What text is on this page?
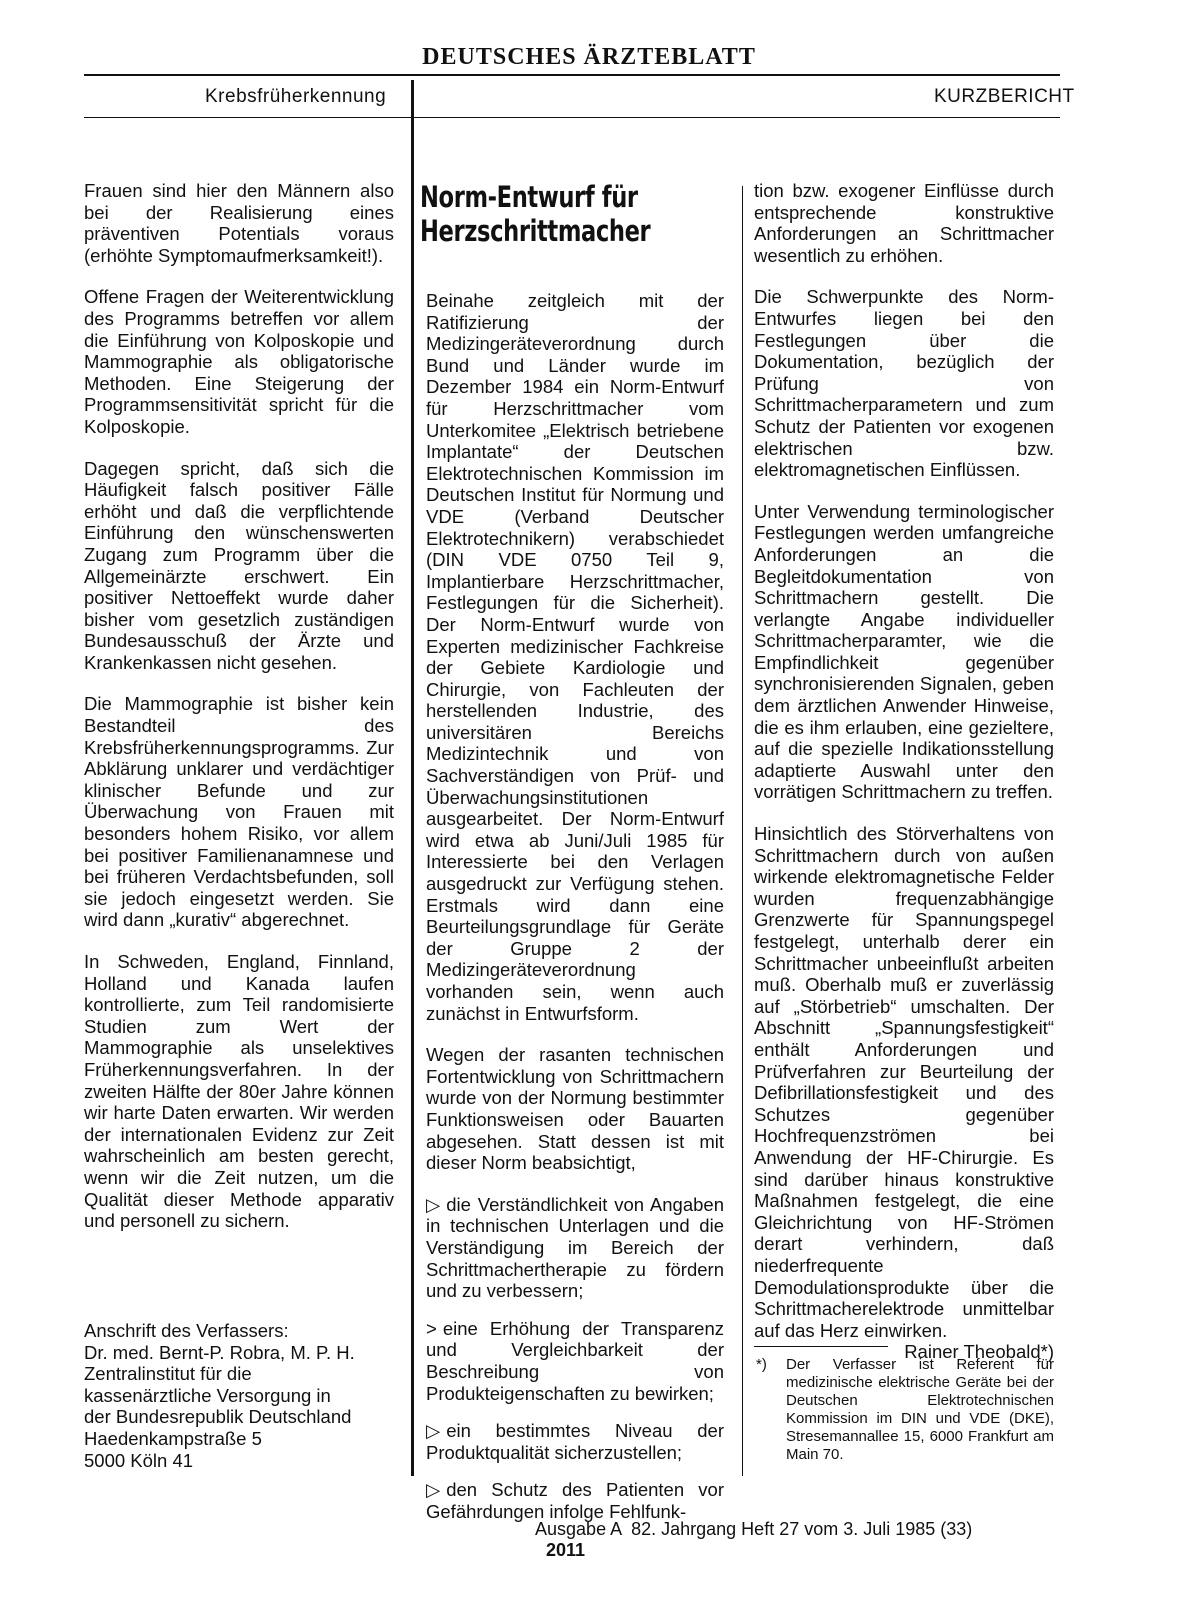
DEUTSCHES ÄRZTEBLATT
Krebsfrüherkennung	KURZBERICHT

Frauen sind hier den Männern also bei der Realisierung eines präventiven Potentials voraus (erhöhte Symptomaufmerksamkeit!).

Offene Fragen der Weiterentwicklung des Programms betreffen vor allem die Einführung von Kolposkopie und Mammographie als obligatorische Methoden. Eine Steigerung der Programmsensitivität spricht für die Kolposkopie.

Dagegen spricht, daß sich die Häufigkeit falsch positiver Fälle erhöht und daß die verpflichtende Einführung den wünschenswerten Zugang zum Programm über die Allgemeinärzte erschwert. Ein positiver Nettoeffekt wurde daher bisher vom gesetzlich zuständigen Bundesausschuß der Ärzte und Krankenkassen nicht gesehen.

Die Mammographie ist bisher kein Bestandteil des Krebsfrüherkennungsprogramms. Zur Abklärung unklarer und verdächtiger klinischer Befunde und zur Überwachung von Frauen mit besonders hohem Risiko, vor allem bei positiver Familienanamnese und bei früheren Verdachtsbefunden, soll sie jedoch eingesetzt werden. Sie wird dann „kurativ“ abgerechnet.

In Schweden, England, Finnland, Holland und Kanada laufen kontrollierte, zum Teil randomisierte Studien zum Wert der Mammographie als unselektives Früherkennungsverfahren. In der zweiten Hälfte der 80er Jahre können wir harte Daten erwarten. Wir werden der internationalen Evidenz zur Zeit wahrscheinlich am besten gerecht, wenn wir die Zeit nutzen, um die Qualität dieser Methode apparativ und personell zu sichern.

Anschrift des Verfassers:
Dr. med. Bernt-P. Robra, M. P. H.
Zentralinstitut für die
kassenärztliche Versorgung in
der Bundesrepublik Deutschland
Haedenkampstraße 5
5000 Köln 41
Norm-Entwurf für
Herzschrittmacher

Beinahe zeitgleich mit der Ratifizierung der Medizingeräteverordnung durch Bund und Länder wurde im Dezember 1984 ein Norm-Entwurf für Herzschrittmacher vom Unterkomitee „Elektrisch betriebene Implantate“ der Deutschen Elektrotechnischen Kommission im Deutschen Institut für Normung und VDE (Verband Deutscher Elektrotechnikern) verabschiedet (DIN VDE 0750 Teil 9, Implantierbare Herzschrittmacher, Festlegungen für die Sicherheit). Der Norm-Entwurf wurde von Experten medizinischer Fachkreise der Gebiete Kardiologie und Chirurgie, von Fachleuten der herstellenden Industrie, des universitären Bereichs Medizintechnik und von Sachverständigen von Prüf- und Überwachungsinstitutionen ausgearbeitet. Der Norm-Entwurf wird etwa ab Juni/Juli 1985 für Interessierte bei den Verlagen ausgedruckt zur Verfügung stehen. Erstmals wird dann eine Beurteilungsgrundlage für Geräte der Gruppe 2 der Medizingeräteverordnung vorhanden sein, wenn auch zunächst in Entwurfsform.

Wegen der rasanten technischen Fortentwicklung von Schrittmachern wurde von der Normung bestimmter Funktionsweisen oder Bauarten abgesehen. Statt dessen ist mit dieser Norm beabsichtigt,

▷ die Verständlichkeit von Angaben in technischen Unterlagen und die Verständigung im Bereich der Schrittmachertherapie zu fördern und zu verbessern;

> eine Erhöhung der Transparenz und Vergleichbarkeit der Beschreibung von Produkteigenschaften zu bewirken;

▷ ein bestimmtes Niveau der Produktqualität sicherzustellen;

▷ den Schutz des Patienten vor Gefährdungen infolge Fehlfunk-

tion bzw. exogener Einflüsse durch entsprechende konstruktive Anforderungen an Schrittmacher wesentlich zu erhöhen.

Die Schwerpunkte des Norm-Entwurfes liegen bei den Festlegungen über die Dokumentation, bezüglich der Prüfung von Schrittmacherparametern und zum Schutz der Patienten vor exogenen elektrischen bzw. elektromagnetischen Einflüssen.

Unter Verwendung terminologischer Festlegungen werden umfangreiche Anforderungen an die Begleitdokumentation von Schrittmachern gestellt. Die verlangte Angabe individueller Schrittmacherparamter, wie die Empfindlichkeit gegenüber synchronisierenden Signalen, geben dem ärztlichen Anwender Hinweise, die es ihm erlauben, eine gezieltere, auf die spezielle Indikationsstellung adaptierte Auswahl unter den vorrätigen Schrittmachern zu treffen.

Hinsichtlich des Störverhaltens von Schrittmachern durch von außen wirkende elektromagnetische Felder wurden frequenzabhängige Grenzwerte für Spannungspegel festgelegt, unterhalb derer ein Schrittmacher unbeeinflußt arbeiten muß. Oberhalb muß er zuverlässig auf „Störbetrieb“ umschalten. Der Abschnitt „Spannungsfestigkeit“ enthält Anforderungen und Prüfverfahren zur Beurteilung der Defibrillationsfestigkeit und des Schutzes gegenüber Hochfrequenzströmen bei Anwendung der HF-Chirurgie. Es sind darüber hinaus konstruktive Maßnahmen festgelegt, die eine Gleichrichtung von HF-Strömen derart verhindern, daß niederfrequente Demodulationsprodukte über die Schrittmacherelektrode unmittelbar auf das Herz einwirken.

Rainer Theobald*)
*) Der Verfasser ist Referent für medizinische elektrische Geräte bei der Deutschen Elektrotechnischen Kommission im DIN und VDE (DKE), Stresemannallee 15, 6000 Frankfurt am Main 70.

Ausgabe A  82. Jahrgang Heft 27 vom 3. Juli 1985 (33)
2011
